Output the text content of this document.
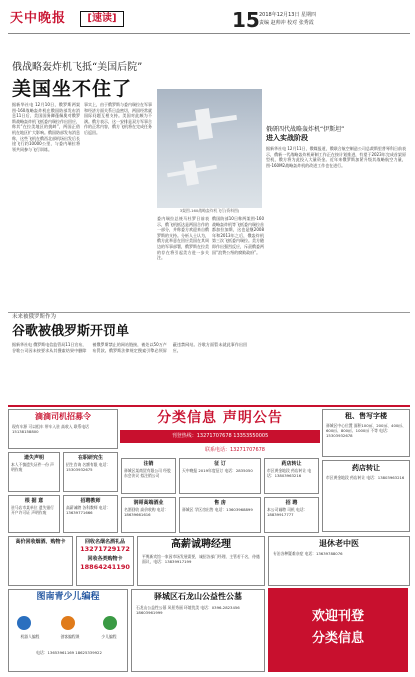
天中晚报	[速读]	15 2018年12月13日 星期四
责编 赵帅冲 校对 张秀霞
俄战略轰炸机飞抵“美国后院”
美国坐不住了
据新华社电 12月10日，俄罗斯两架图-160战略轰炸机在俄国防部发布消息11日后，美国国务卿蓬佩奥对俄罗斯战略轰炸机飞抵委内瑞拉作出回应，称其“在拉美地区的挑衅”，两国正借机在地区扩大影响。俄国防部发布消息称，这些飞机在俄西北部机场出发后长途飞行约10000公里，与委内瑞拉将领共同参与飞行训练。
事实上，由于俄罗斯与委内瑞拉在军事和经济方面关系日益密切，两国经常就国际问题互相支持。美国对此颇为不满。俄方表示，这一安排是双方军事合作的正常内容，俄方飞机将在完成任务后返回。
3架图-160战略轰炸机飞行(资料图)
委内瑞拉总统马杜罗日前表示，俄飞机抵达是两国合作的一部分，并称委方欢迎来自俄罗斯的支持。分析人士认为，俄方此举意在回应美国在其周边的军事部署，俄罗斯在拉美的存在将引起美方进一步关注。
俄国防部10日称两架图-160战略轰炸机等飞抵委内瑞拉首都加拉加斯，这也是继2008年和2013年之后，俄轰炸机第三次飞抵委内瑞拉。美方随即作出强烈反应，斥责俄委两国“浪费公帑的腐败政府”。
俄研四代战略轰炸机“伊斯坦”
进入实战阶段
据新华社电 12月11日，俄媒报道，俄联合航空制造公司总裁斯里普琴科日前表示，俄新一代战略轰炸机研制工作正在按计划推进，有望于2023年完成首架原型机，俄方将为此投入大量资金。近年来俄罗斯加紧升级其战略航空力量，图-160M2战略轰炸机的改进工作也在进行。
未来被俄罗斯作为
谷歌被俄罗斯开罚单
据新华社电 俄罗斯电信监管局11日宣布，谷歌公司因未按要求从其搜索结果中删除被俄罗斯禁止的网站链接，被处以50万卢布罚款。俄罗斯法律规定搜索引擎必须屏蔽违禁网站。谷歌方面暂未就此事作出回应。
滴滴司机招募令
现有车源 可以租车 带车入驻 高收入 联系电话 15138158800
分类信息 声明公告
刊登热线：13271707678 13353550005
联系电话：13271707678
租、售写字楼
驿城区中心位置 面积100㎡、200㎡、400㎡、600㎡、800㎡、1000㎡ 不等 电话：15303932678
遗失声明
本人不慎遗失证件一份 声明作废
在职研究生
招生咨询 名额有限 电话：15303932675
注销
驿城区某商贸有限公司 经股东会决议 拟注销公司
征 订
天中晚报 2019年度征订 电话：2835050
药店转让
市区黄金地段 药店转让 电话：13803963216
药店转让
市区黄金地段 药店转让 电话：13803963216
根 据 意
驻马店市某单位 遗失银行开户许可证 声明作废
招聘教师
高薪诚聘 各科教师 电话：13639771666
润哥高端酒业
名酒回收 高价收购 电话：18639661616
售 房
驿城区 学区房出售 电话：13603968899
招 聘
本公司诚聘 司机 电话：18839917777
高价回收烟酒、购物卡	回收名烟名酒礼品
13271729172
回收各类购物卡
18864241190
高薪诚聘经理
平舆新宾馆一家因市场发展需要，诚招各部门经理、主管若干名，待遇面议，电话：13839917199
退休老中医
专治各种疑难杂症 电话：13639788076
图南青少儿编程
机器人编程	创客编程课	少儿编程
电话：13653961169 18625339922
驿城区石龙山公益性公墓
石龙山公益性公墓 风景秀丽 环境优美 电话：0396-2823456 18603961999	欢迎刊登
分类信息
